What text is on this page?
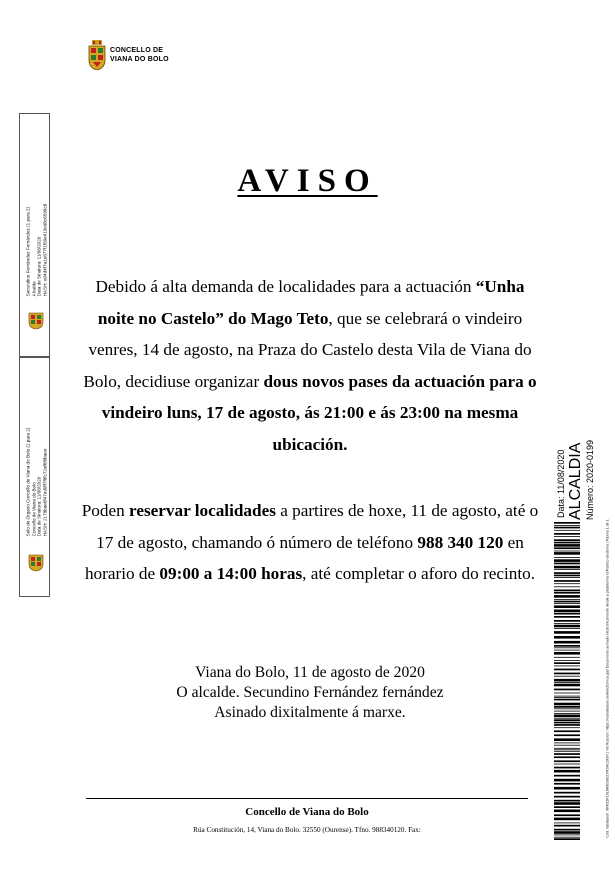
CONCELLO DE
VIANA DO BOLO
Secundino Fernández Fernández (1 para 2) Alcalde Data de Sinatura: 11/08/2020 HASH: e04d4f7a1e877f1f09e413ed8c6598c8
Selo de Órgano Concello de Viana do Bolo (2 para 2) Concello de Viana do Bolo Data de Sinatura: 11/08/2020 HASH: 2178bae6f47ed0ff7f8fc72af6f6baee
AVISO
Debido á alta demanda de localidades para a actuación “Unha noite no Castelo” do Mago Teto, que se celebrará o vindeiro venres, 14 de agosto, na Praza do Castelo desta Vila de Viana do Bolo, decidiuse organizar dous novos pases da actuación para o vindeiro luns, 17 de agosto, ás 21:00 e ás 23:00 na mesma ubicación.
Poden reservar localidades a partires de hoxe, 11 de agosto, até o 17 de agosto, chamando ó número de teléfono 988 340 120 en horario de 09:00 a 14:00 horas, até completar o aforo do recinto.
Viana do Bolo, 11 de agosto de 2020
O alcalde. Secundino Fernández fernández
Asinado dixitalmente á marxe.
Concello de Viana do Bolo
Rúa Constitución, 14, Viana do Bolo. 32550 (Ourense). Tfno. 988340120. Fax:
Data: 11/08/2020 ALCALDIA Número: 2020-0199
Cód. Validación: 6RK52PLXLM66S9G2YRSAC2K9Y | Verificación: https://vianadobolo.sedelectronica.gal/ Documento asinado electrónicamente desde a plataforma esPublico Gestiona | Páxina 1 de 1
